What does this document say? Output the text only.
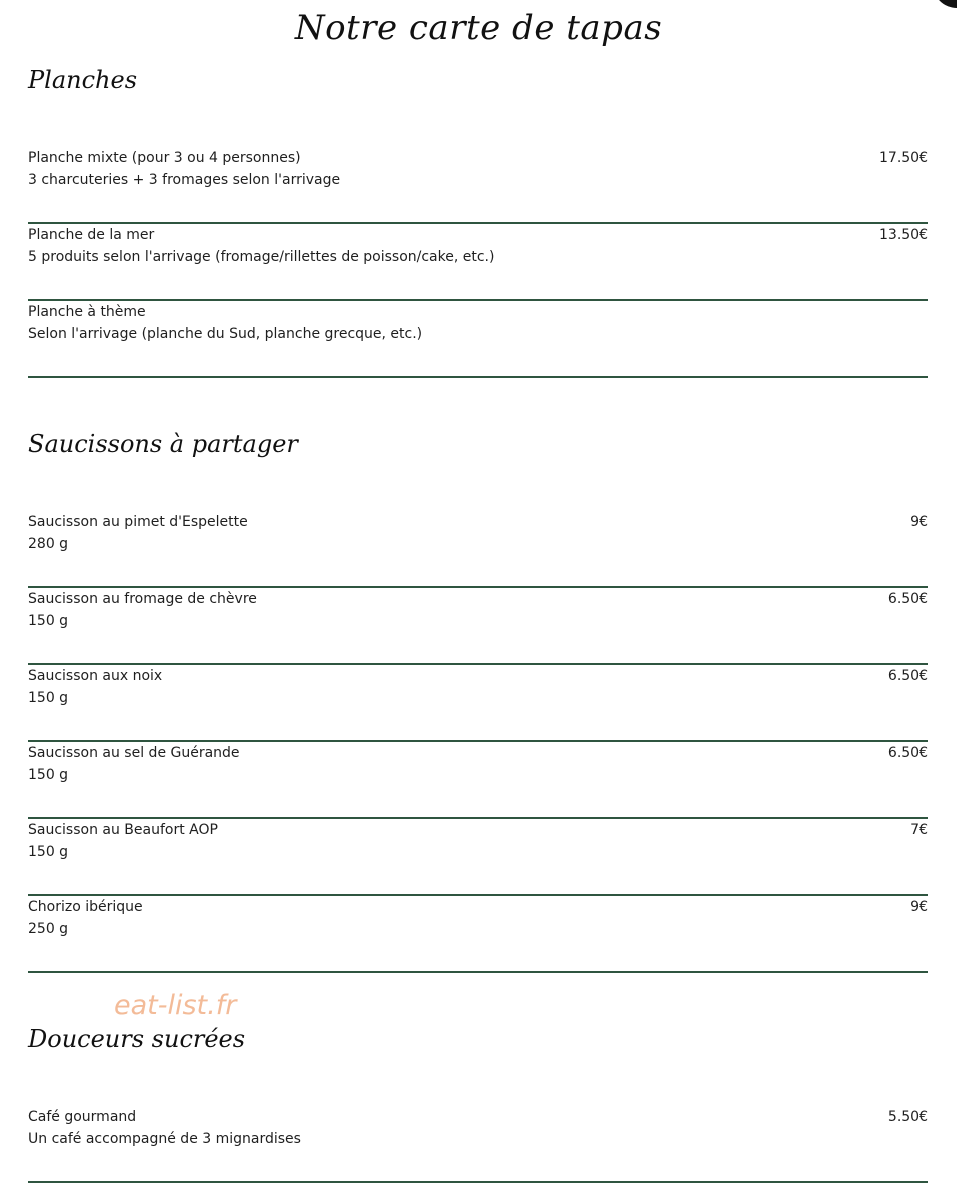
Notre carte de tapas
Planches
Planche mixte (pour 3 ou 4 personnes)
3 charcuteries + 3 fromages selon l'arrivage
17.50€
Planche de la mer
5 produits selon l'arrivage (fromage/rillettes de poisson/cake, etc.)
13.50€
Planche à thème
Selon l'arrivage (planche du Sud, planche grecque, etc.)
Saucissons à partager
Saucisson au pimet d'Espelette
280 g
9€
Saucisson au fromage de chèvre
150 g
6.50€
Saucisson aux noix
150 g
6.50€
Saucisson au sel de Guérande
150 g
6.50€
Saucisson au Beaufort AOP
150 g
7€
Chorizo ibérique
250 g
9€
eat-list.fr
Douceurs sucrées
Café gourmand
Un café accompagné de 3 mignardises
5.50€
